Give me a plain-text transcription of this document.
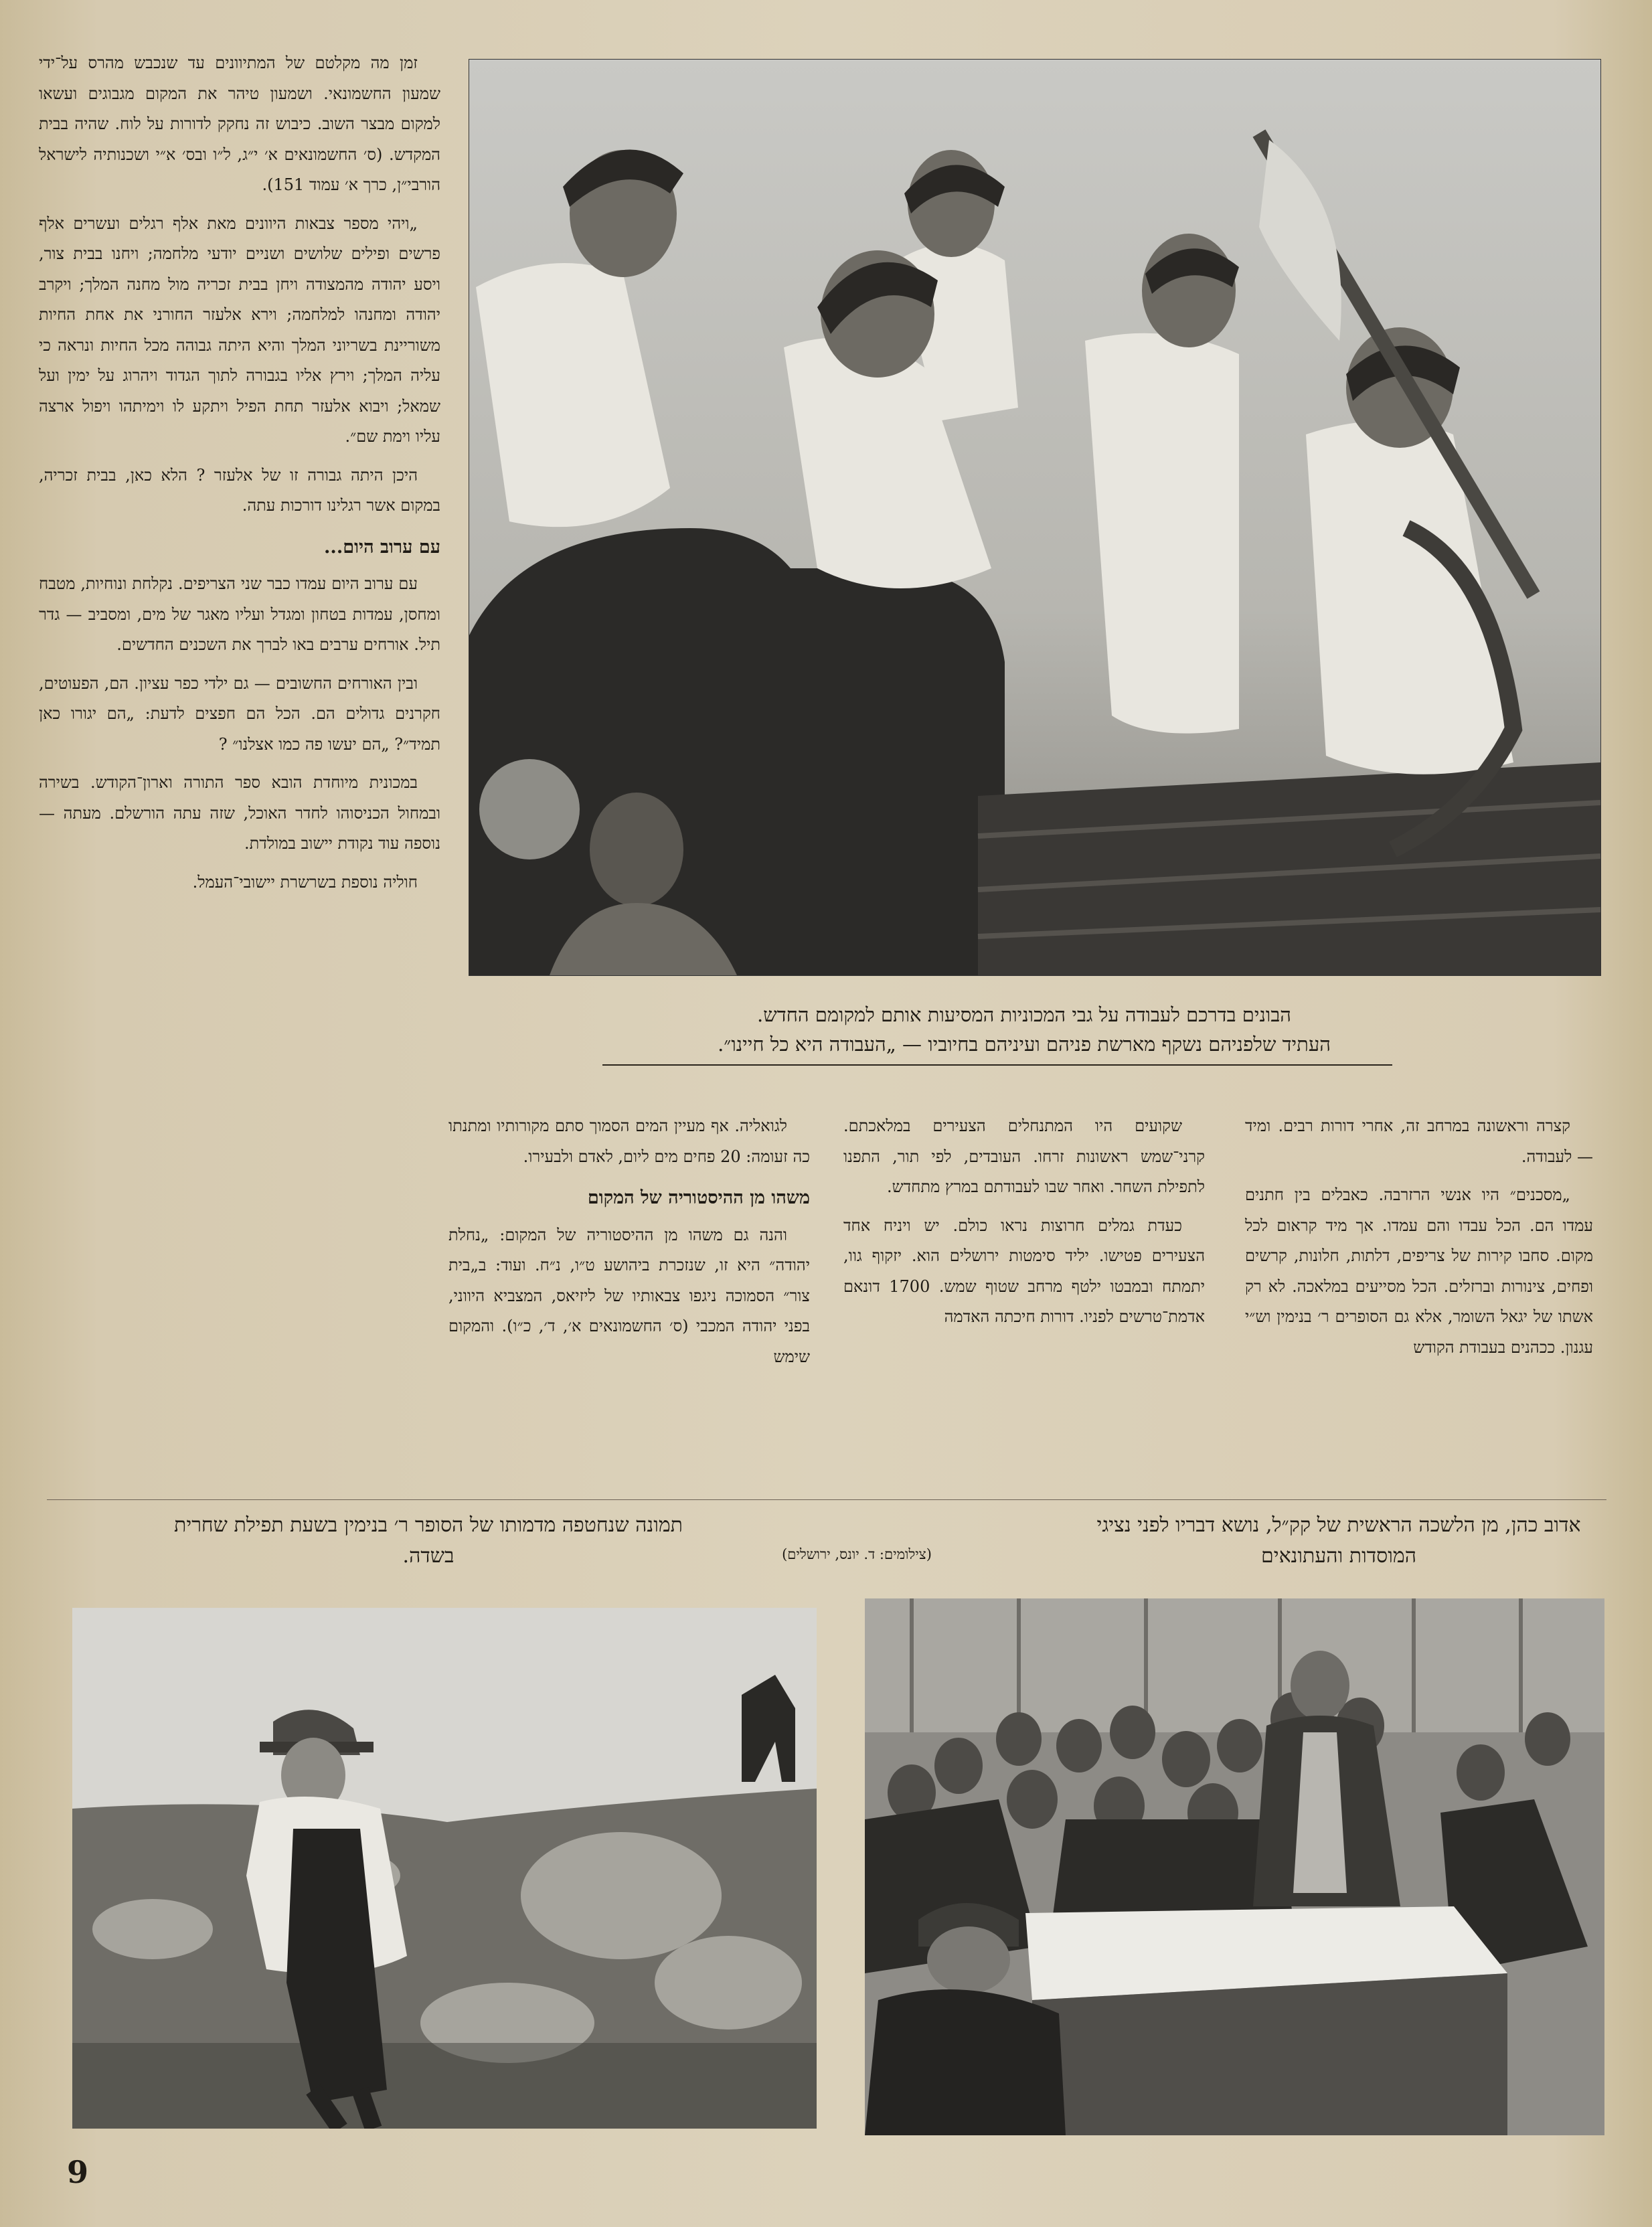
זמן מה מקלטם של המתיוונים עד שנכבש מהרס על־ידי שמעון החשמונאי. ושמעון טיהר את המקום מגבוגים ועשאו למקום מבצר השוב. כיבוש זה נחקק לדורות על לוח. שהיה בבית המקדש. (ס׳ החשמונאים א׳ י״ג, ל״ו ובס׳ א״י ושכנותיה לישראל הורבי״ן, כרך א׳ עמוד 151).

„ויהי מספר צבאות היוונים מאת אלף רגלים ועשרים אלף פרשים ופילים שלושים ושניים יודעי מלחמה; ויחנו בבית צור, ויסע יהודה מהמצודה ויחן בבית זכריה מול מחנה המלך; ויקרב יהודה ומחנהו למלחמה; וירא אלעזר החורני את אחת החיות משוריינת בשריוני המלך והיא היתה גבוהה מכל החיות ונראה כי עליה המלך; וירץ אליו בגבורה לתוך הגדוד ויהרוג על ימין ועל שמאל; ויבוא אלעזר תחת הפיל ויתקע לו וימיתהו ויפול ארצה עליו וימת שם״.

היכן היתה גבורה זו של אלעזר ? הלא כאן, בבית זכריה, במקום אשר רגלינו דורכות עתה.

עם ערוב היום...

עם ערוב היום עמדו כבר שני הצריפים. נקלחת ונוחיות, מטבח ומחסן, עמדות בטחון ומגדל ועליו מאגר של מים, ומסביב — גדר תיל. אורחים ערבים באו לברך את השכנים החדשים.

ובין האורחים החשובים — גם ילדי כפר עציון. הם, הפעוטים, חקרנים גדולים הם. הכל הם חפצים לדעת: „הם יגורו כאן תמיד״? „הם יעשו פה כמו אצלנו״ ?

במכונית מיוחדת הובא ספר התורה וארון־הקודש. בשירה ובמחול הכניסוהו לחדר האוכל, שזה עתה הורשלם. מעתה — נוספה עוד נקודת יישוב במולדת.

חוליה נוספת בשרשרת יישובי־העמל.

הבונים בדרכם לעבודה על גבי המכוניות המסיעות אותם למקומם החדש.
העתיד שלפניהם נשקף מארשת פניהם ועיניהם בחיוביו — „העבודה היא כל חיינו״.

קצרה וראשונה במרחב זה, אחרי דורות רבים. ומיד — לעבודה.

„מסכנים״ היו אנשי הרזרבה. כאבלים בין חתנים עמדו הם. הכל עבדו והם עמדו. אך מיד קראום לכל מקום. סחבו קירות של צריפים, דלתות, חלונות, קרשים ופחים, צינורות וברזלים. הכל מסייעים במלאכה. לא רק אשתו של יגאל השומר, אלא גם הסופרים ר׳ בנימין וש״י עגנון. ככהנים בעבודת הקודש

שקועים היו המתנחלים הצעירים במלאכתם. קרני־שמש ראשונות זרחו. העובדים, לפי תור, התפנו לתפילת השחר. ואחר שבו לעבודתם במרץ מתחדש.

כעדת גמלים חרוצות נראו כולם. יש ויניח אחד הצעירים פטישו. יליד סימטות ירושלים הוא. יזקוף גוו, יתמתח ובמבטו ילטף מרחב שטוף שמש. 1700 דונאם אדמת־טרשים לפניו. דורות חיכתה האדמה

לגואליה. אף מעיין המים הסמוך סתם מקורותיו ומתנתו כה זעומה: 20 פחים מים ליום, לאדם ולבעירו.

משהו מן ההיסטוריה של המקום

והנה גם משהו מן ההיסטוריה של המקום: „נחלת יהודה״ היא זו, שנזכרת ביהושע ט״ו, נ״ח. ועוד: ב„בית צור״ הסמוכה ניגפו צבאותיו של ליזיאס, המצביא היווני, בפני יהודה המכבי (ס׳ החשמונאים א׳, ד׳, כ״ו). והמקום שימש

אדוב כהן, מן הלשכה הראשית של קק״ל, נושא דבריו לפני נציגי המוסדות והעתונאים
(צילומים: ד. יונס, ירושלים)
תמונה שנחטפה מדמותו של הסופר ר׳ בנימין בשעת תפילת שחרית בשדה.
9
